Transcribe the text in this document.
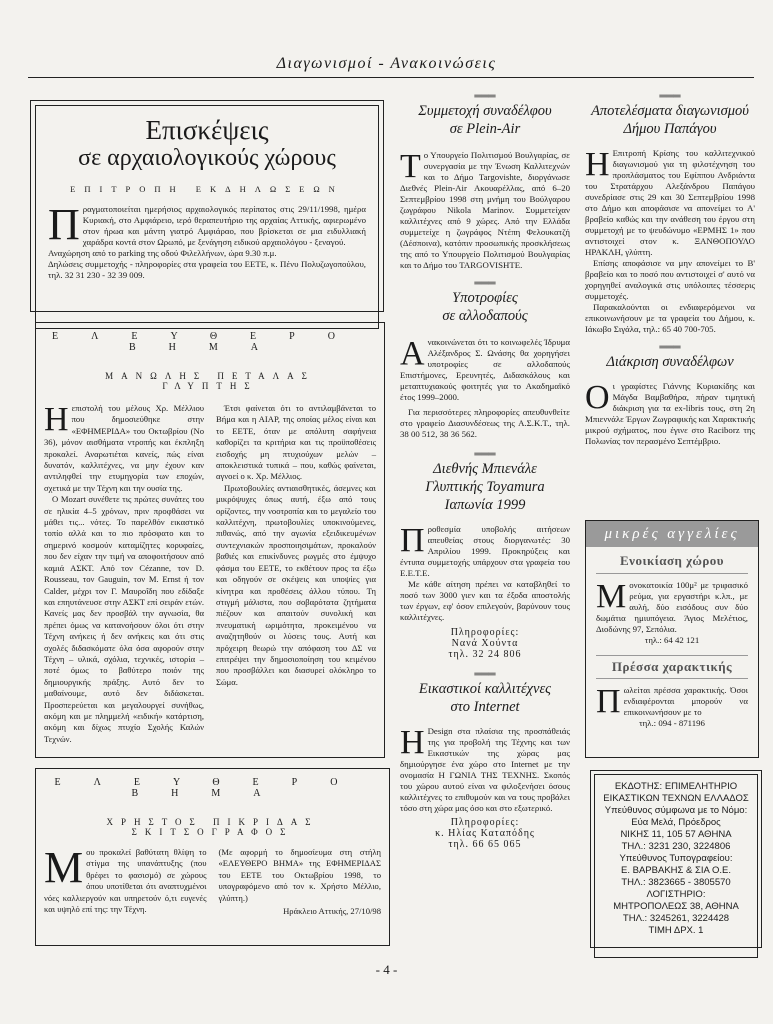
Διαγωνισμοί - Ανακοινώσεις
Επισκέψεις
σε αρχαιολογικούς χώρους
ΕΠΙΤΡΟΠΗ ΕΚΔΗΛΩΣΕΩΝ

Πραγματοποιείται ημερήσιος αρχαιολογικός περίπατος στις 29/11/1998, ημέρα Κυριακή, στο Αμφιάρειο, ιερό θεραπευτήριο της αρχαίας Αττικής, αφιερωμένο στον ήρωα και μάντη γιατρό Αμφιάραο, που βρίσκεται σε μια ειδυλλιακή χαράδρα κοντά στον Ωρωπό, με ξενάγηση ειδικού αρχαιολόγου - ξεναγού.

Αναχώρηση από το parking της οδού Φιλελλήνων, ώρα 9.30 π.μ.

Δηλώσεις συμμετοχής - πληροφορίες στα γραφεία του ΕΕΤΕ, κ. Πένυ Πολυζωγοπούλου, τηλ. 32 31 230 - 32 39 009.

ΕΛΕΥΘΕΡΟ ΒΗΜΑ
ΜΑΝΩΛΗΣ ΠΕΤΑΛΑΣ
ΓΛΥΠΤΗΣ

Ηεπιστολή του μέλους Χρ. Μέλλιου που δημοσιεύθηκε στην «ΕΦΗΜΕΡΙΔΑ» του Οκτωβρίου (Νο 36), μόνον αισθήματα ντροπής και έκπληξη προκαλεί. Αναρωτιέται κανείς, πώς είναι δυνατόν, καλλιτέχνες, να μην έχουν καν αντιληφθεί την ετυμηγορία των εποχών, σχετικά με την Τέχνη και την ουσία της.

Ο Mozart συνέθετε τις πρώτες συνάτες του σε ηλικία 4–5 χρόνων, πριν προφθάσει να μάθει τις... νότες. Το παρελθόν εικαστικό τοπίο αλλά και το πιο πρόσφατο και το σημερινό κοσμούν καταμίζητες κορυφαίες, που δεν είχαν την τιμή να αποφοιτήσουν από καμιά ΑΣΚΤ. Από τον Cézanne, τον D. Rousseau, τον Gauguin, τον M. Ernst ή τον Calder, μέχρι τον Γ. Μαυροΐδη που εδίδαξε και επηυτάνευσε στην ΑΣΚΤ επί σειράν ετών. Κανείς μας δεν προσβάλ την αγνωσία, θα πρέπει όμως να κατανοήσουν όλοι ότι στην Τέχνη ανήκεις ή δεν ανήκεις και ότι στις σχολές διδασκόματε όλα όσα αφορούν στην Τέχνη – υλικά, σχόλια, τεχνικές, ιστορία – ποτέ όμως το βαθύτερο ποιόν της δημιουργικής πράξης. Αυτό δεν το μαθαίνουμε, αυτό δεν διδάσκεται. Προσπερεύεται και μεγαλουργεί συνήθως, ακόμη και με πλημμελή «ειδική» κατάρτιση, ακόμη και δίχως πτυχίο Σχολής Καλών Τεχνών.

Έτσι φαίνεται ότι το αντιλαμβάνεται το Βήμα και η ΑΙΑΡ, της οποίας μέλος είναι και το ΕΕΤΕ, όταν με απόλυτη σαφήνεια καθορίζει τα κριτήρια και τις προϋποθέσεις εισδοχής μη πτυχιούχων μελών – αποκλειστικά τυπικά – που, καθώς φαίνεται, αγνοεί ο κ. Χρ. Μέλλιος.

Πρωτοβουλίες αντιαισθητικές, άσεμνες και μικρόψυχες όπως αυτή, έξω από τους ορίζοντες, την νοοτροπία και το μεγαλείο του καλλιτέχνη, πρωτοβουλίες υποκινούμενες, πιθανώς, από την αγωνία εξειδικευμένων συντεχνιακών προσποιησιμάτων, προκαλούν βαθιές και επικίνδυνες ρωγμές στο έμψυχο φάσμα του ΕΕΤΕ, το εκθέτουν προς τα έξω και οδηγούν σε σκέψεις και υποψίες για κίνητρα και προθέσεις άλλου τύπου. Τη στιγμή μάλιστα, που σοβαρότατα ζητήματα πιέζουν και απαιτούν συνολική και πνευματική ωριμότητα, προκειμένου να αναζητηθούν οι λύσεις τους. Αυτή και πρόχειρη θεωρώ την απόφαση του ΔΣ να επιτρέψει την δημοσιοποίηση του κειμένου που προσβάλλει και διασυρεί ολόκληρο το Σώμα.

ΕΛΕΥΘΕΡΟ ΒΗΜΑ
ΧΡΗΣΤΟΣ ΠΙΚΡΙΔΑΣ
ΣΚΙΤΣΟΓΡΑΦΟΣ

Μου προκαλεί βαθύτατη θλίψη το στίγμα της υπανάπτυξης (που θρέφει το φασισμό) σε χώρους όπου υποτίθεται ότι αναπτυχμένοι νόες καλλιεργούν και υπηρετούν ό,τι ευγενές και υψηλό επί της: την Τέχνη.

(Με αφορμή το δημοσίευμα στη στήλη «ΕΛΕΥΘΕΡΟ ΒΗΜΑ» της ΕΦΗΜΕΡΙΔΑΣ του ΕΕΤΕ του Οκτωβρίου 1998, το υπογραφόμενο από τον κ. Χρήστο Μέλλιο, γλύπτη.)

Ηράκλειο Αττικής, 27/10/98

═══
Συμμετοχή συναδέλφου
σε Plein-Air

Το Υπουργείο Πολιτισμού Βουλγαρίας, σε συνεργασία με την Ένωση Καλλιτεχνών και το Δήμο Targovishte, διοργάνωσε Διεθνές Plein-Air Ακουαρέλλας, από 6–20 Σεπτεμβρίου 1998 στη μνήμη του Βούλγαρου ζωγράφου Nikola Marinov. Συμμετείχαν καλλιτέχνες από 9 χώρες. Από την Ελλάδα συμμετείχε η ζωγράφος Ντέπη Φελουκατζή (Δέσποινα), κατόπιν προσωπικής προσκλήσεως της από το Υπουργείο Πολιτισμού Βουλγαρίας και το Δήμο του TARGOVISHTE.

═══
Υποτροφίες
σε αλλοδαπούς

Ανακοινώνεται ότι το κοινωφελές Ίδρυμα Αλέξανδρος Σ. Ωνάσης θα χορηγήσει υποτροφίες σε αλλοδαπούς Επιστήμονες, Ερευνητές, Διδασκάλους και μεταπτυχιακούς φοιτητές για το Ακαδημαϊκό έτος 1999–2000.

Για περισσότερες πληροφορίες απευθυνθείτε στο γραφείο Διασυνδέσεως της Α.Σ.Κ.Τ., τηλ. 38 00 512, 38 36 562.

═══
Διεθνής Μπιενάλε
Γλυπτικής Toyamura
Ιαπωνία 1999

Προθεσμία υποβολής αιτήσεων απευθείας στους διοργανωτές: 30 Απριλίου 1999. Προκηρύξεις και έντυπα συμμετοχής υπάρχουν στα γραφεία του Ε.Ε.Τ.Ε.

Με κάθε αίτηση πρέπει να καταβληθεί το ποσό των 3000 γιεν και τα έξοδα αποστολής των έργων, εφ' όσον επιλεγούν, βαρύνουν τους καλλιτέχνες.

Πληροφορίες:
Νανά Χούντα
τηλ. 32 24 806
═══
Εικαστικοί καλλιτέχνες
στο Internet

Η Design στα πλαίσια της προσπάθειάς της για προβολή της Τέχνης και των Εικαστικών της χώρας μας δημιούργησε ένα χώρο στο Internet με την ονομασία Η ΓΩΝΙΑ ΤΗΣ ΤΕΧΝΗΣ. Σκοπός του χώρου αυτού είναι να φιλοξενήσει όσους καλλιτέχνες το επιθυμούν και να τους προβάλει τόσο στη χώρα μας όσο και στο εξωτερικό.

Πληροφορίες:
κ. Ηλίας Καταπόδης
τηλ. 66 65 065
═══
Αποτελέσματα διαγωνισμού
Δήμου Παπάγου

Η Επιτροπή Κρίσης του καλλιτεχνικού διαγωνισμού για τη φιλοτέχνηση του προπλάσματος του Εφίππου Ανδριάντα του Στρατάρχου Αλεξάνδρου Παπάγου συνεδρίασε στις 29 και 30 Σεπτεμβρίου 1998 στο Δήμο και αποφάσισε να απονείμει το Α' βραβείο καθώς και την ανάθεση του έργου στη συμμετοχή με το ψευδώνυμο «ΕΡΜΗΣ 1» που αντιστοιχεί στον κ. ΞΑΝΘΟΠΟΥΛΟ ΗΡΑΚΛΗ, γλύπτη.

Επίσης αποφάσισε να μην απονείμει το Β' βραβείο και το ποσό που αντιστοιχεί σ' αυτό να χορηγηθεί αναλογικά στις υπόλοιπες τέσσερις συμμετοχές.

Παρακαλούνται οι ενδιαφερόμενοι να επικοινωνήσουν με τα γραφεία του Δήμου, κ. Ιάκωβο Σιγάλα, τηλ.: 65 40 700-705.

═══
Διάκριση συναδέλφων

Οι γραφίστες Γιάννης Κυριακίδης και Μάγδα Βαμβαθήρα, πήραν τιμητική διάκριση για τα ex-libris τους, στη 2η Μπιεννάλε Έργων Ζωγραφικής και Χαρακτικής μικρού σχήματος, που έγινε στο Raciborz της Πολωνίας τον περασμένο Σεπτέμβριο.

μικρές αγγελίες
Ενοικίαση χώρου

Μονοκατοικία 100μ² με τριφασικό ρεύμα, για εργαστήρι κ.λπ., με αυλή, δύο εισόδους συν δύο δωμάτια ημιυπόγεια. Άγιος Μελέτιος, Διοδώνης 97, Σεπόλια.

τηλ.: 64 42 121
Πρέσσα χαρακτικής

Πωλείται πρέσσα χαρακτικής. Όσοι ενδιαφέρονται μπορούν να επικοινωνήσουν με το

τηλ.: 094 - 871196
ΕΚΔΟΤΗΣ: ΕΠΙΜΕΛΗΤΗΡΙΟ
ΕΙΚΑΣΤΙΚΩΝ ΤΕΧΝΩΝ ΕΛΛΑΔΟΣ
Υπεύθυνος σύμφωνα με το Νόμο:
Εύα Μελά, Πρόεδρος
ΝΙΚΗΣ 11, 105 57 ΑΘΗΝΑ
ΤΗΛ.: 3231 230, 3224806
Υπεύθυνος Τυπογραφείου:
Ε. ΒΑΡΒΑΚΗΣ & ΣΙΑ Ο.Ε.
ΤΗΛ.: 3823665 - 3805570
ΛΟΓΙΣΤΗΡΙΟ:
ΜΗΤΡΟΠΟΛΕΩΣ 38, ΑΘΗΝΑ
ΤΗΛ.: 3245261, 3224428
ΤΙΜΗ ΔΡΧ. 1
- 4 -
